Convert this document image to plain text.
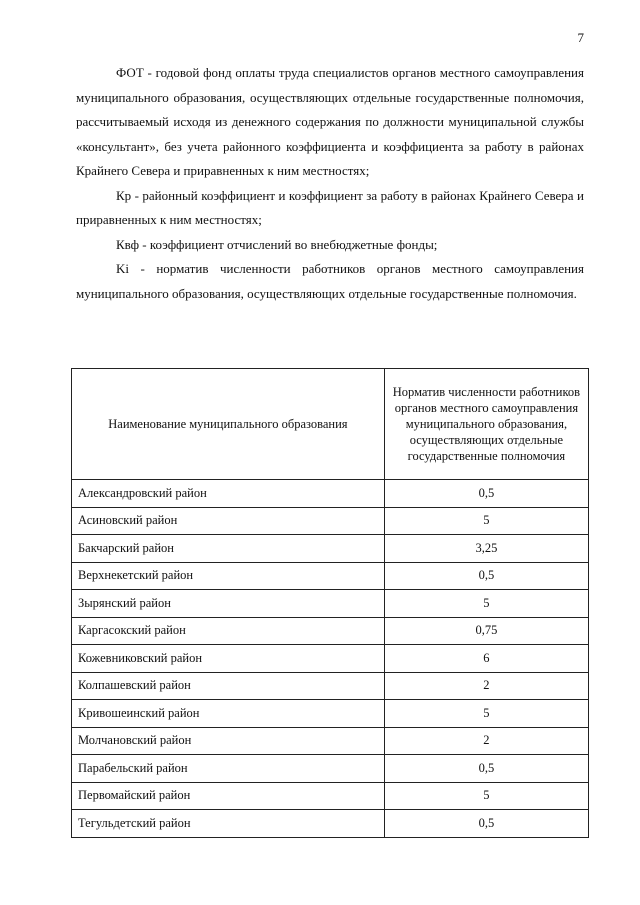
7

ФОТ - годовой фонд оплаты труда специалистов органов местного самоуправления муниципального образования, осуществляющих отдельные государственные полномочия, рассчитываемый исходя из денежного содержания по должности муниципальной службы «консультант», без учета районного коэффициента и коэффициента за работу в районах Крайнего Севера и приравненных к ним местностях;

Кр - районный коэффициент и коэффициент за работу в районах Крайнего Севера и приравненных к ним местностях;

Квф - коэффициент отчислений во внебюджетные фонды;

Ki - норматив численности работников органов местного самоуправления муниципального образования, осуществляющих отдельные государственные полномочия.

Наименование муниципального образования	Норматив численности работников органов местного самоуправления муниципального образования, осуществляющих отдельные государственные полномочия
Александровский район	0,5
Асиновский район	5
Бакчарский район	3,25
Верхнекетский район	0,5
Зырянский район	5
Каргасокский район	0,75
Кожевниковский район	6
Колпашевский район	2
Кривошеинский район	5
Молчановский район	2
Парабельский район	0,5
Первомайский район	5
Тегульдетский район	0,5
